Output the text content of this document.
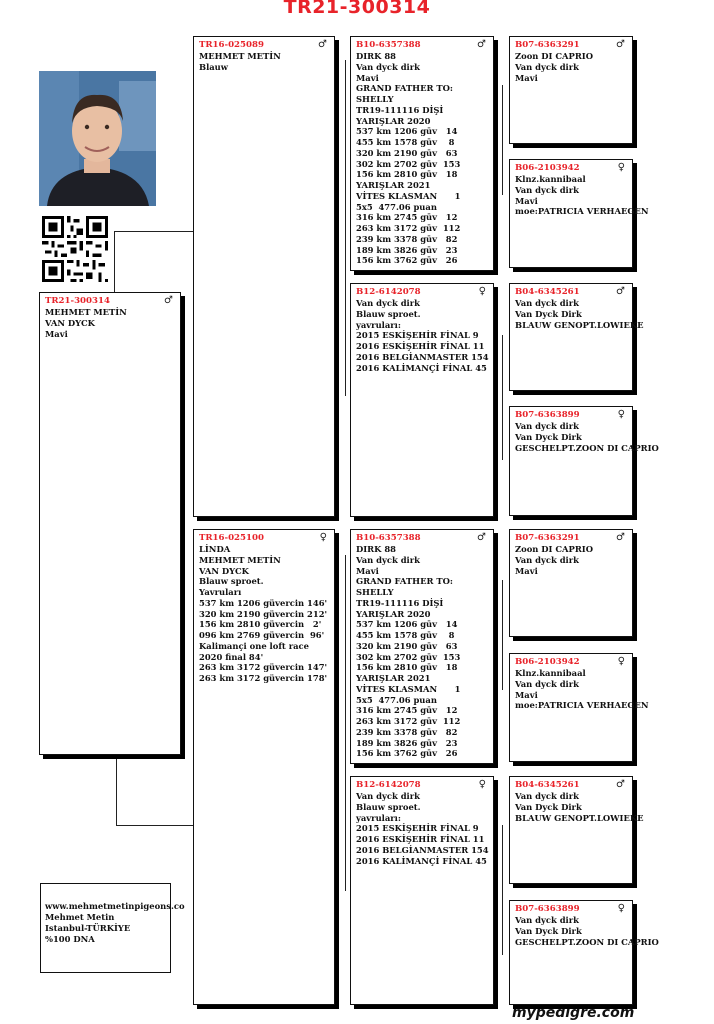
TR21-300314
www.mehmetmetinpigeons.co
Mehmet Metin
Istanbul-TÜRKİYE
%100 DNA
mypedigre.com
TR21-300314	♂
MEHMET METİN
VAN DYCK
Mavi
TR16-025089	♂
MEHMET METİN
Blauw
TR16-025100	♀
LİNDA
MEHMET METİN
VAN DYCK
Blauw sproet.
Yavruları
537 km 1206 güvercin 146'
320 km 2190 güvercin 212'
156 km 2810 güvercin   2'
096 km 2769 güvercin  96'
Kalimançi one loft race
2020 final 84'
263 km 3172 güvercin 147'
263 km 3172 güvercin 178'
B10-6357388	♂
DIRK 88
Van dyck dirk
Mavi
GRAND FATHER TO:
SHELLY
TR19-111116 DİŞİ
YARIŞLAR 2020
537 km 1206 gūv   14
455 km 1578 gūv    8
320 km 2190 gūv   63
302 km 2702 gūv  153
156 km 2810 gūv   18
YARIŞLAR 2021
VİTES KLASMAN      1
5x5  477.06 puan
316 km 2745 gūv   12
263 km 3172 gūv  112
239 km 3378 gūv   82
189 km 3826 gūv   23
156 km 3762 gūv   26
B12-6142078	♀
Van dyck dirk
Blauw sproet.
yavruları:
2015 ESKİŞEHİR FİNAL 9
2016 ESKİŞEHİR FİNAL 11
2016 BELGİANMASTER 154
2016 KALİMANÇİ FİNAL 45
B10-6357388	♂
DIRK 88
Van dyck dirk
Mavi
GRAND FATHER TO:
SHELLY
TR19-111116 DİŞİ
YARIŞLAR 2020
537 km 1206 gūv   14
455 km 1578 gūv    8
320 km 2190 gūv   63
302 km 2702 gūv  153
156 km 2810 gūv   18
YARIŞLAR 2021
VİTES KLASMAN      1
5x5  477.06 puan
316 km 2745 gūv   12
263 km 3172 gūv  112
239 km 3378 gūv   82
189 km 3826 gūv   23
156 km 3762 gūv   26
B12-6142078	♀
Van dyck dirk
Blauw sproet.
yavruları:
2015 ESKİŞEHİR FİNAL 9
2016 ESKİŞEHİR FİNAL 11
2016 BELGİANMASTER 154
2016 KALİMANÇİ FİNAL 45
B07-6363291	♂
Zoon DI CAPRIO
Van dyck dirk
Mavi
B06-2103942	♀
Klnz.kannibaal
Van dyck dirk
Mavi
moe:PATRICIA VERHAEGEN
B04-6345261	♂
Van dyck dirk
Van Dyck Dirk
BLAUW GENOPT.LOWIEKE
B07-6363899	♀
Van dyck dirk
Van Dyck Dirk
GESCHELPT.ZOON DI CAPRIO
B07-6363291	♂
Zoon DI CAPRIO
Van dyck dirk
Mavi
B06-2103942	♀
Klnz.kannibaal
Van dyck dirk
Mavi
moe:PATRICIA VERHAEGEN
B04-6345261	♂
Van dyck dirk
Van Dyck Dirk
BLAUW GENOPT.LOWIEKE
B07-6363899	♀
Van dyck dirk
Van Dyck Dirk
GESCHELPT.ZOON DI CAPRIO
